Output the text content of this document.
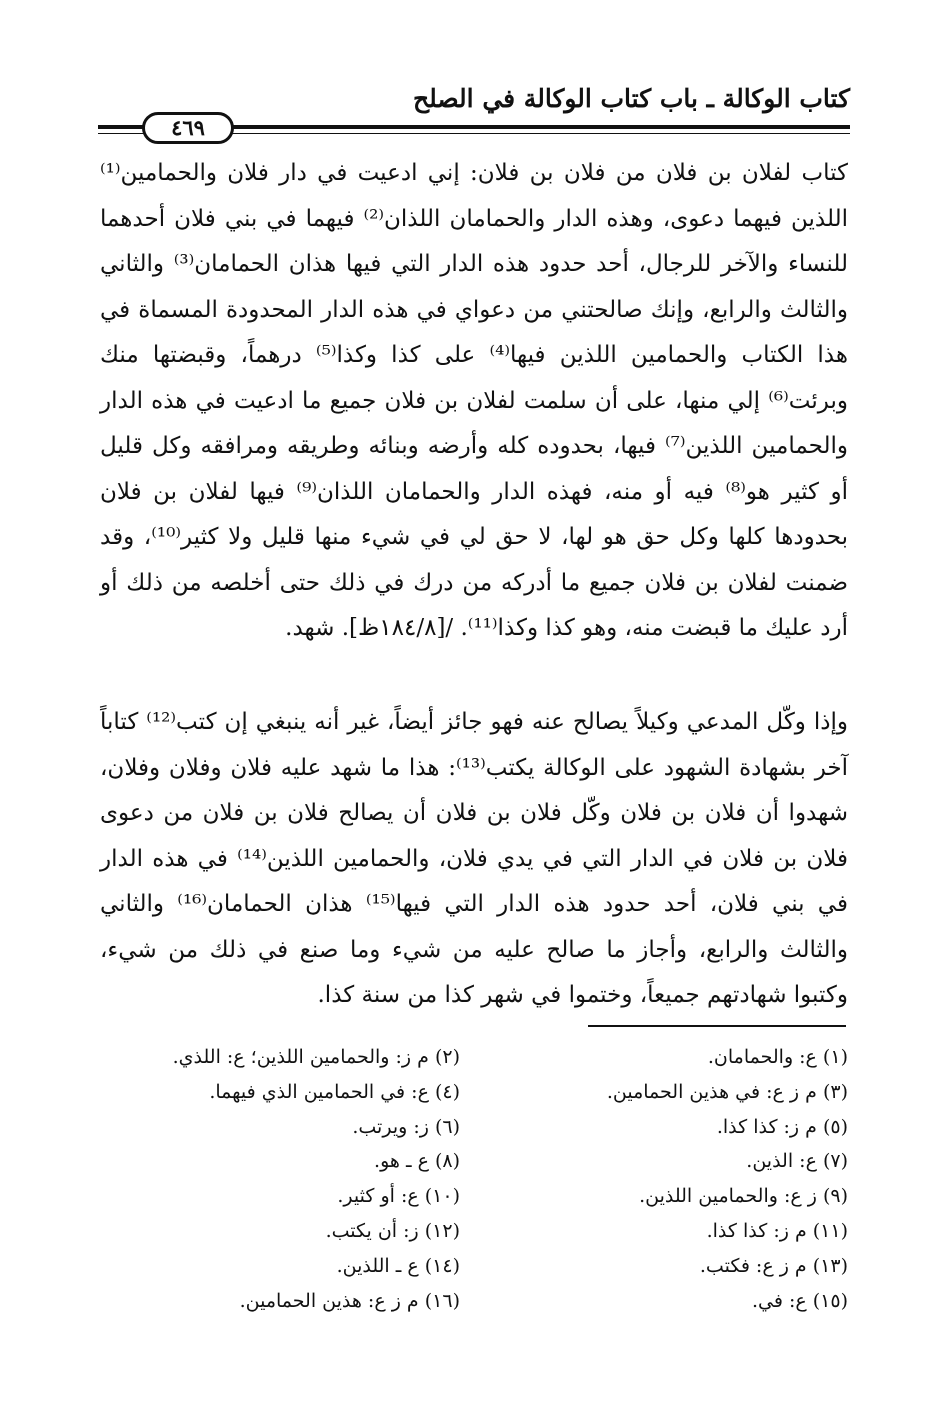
كتاب الوكالة ـ باب كتاب الوكالة في الصلح
٤٦٩

كتاب لفلان بن فلان من فلان بن فلان: إني ادعيت في دار فلان والحمامين⁽¹⁾ اللذين فيهما دعوى، وهذه الدار والحمامان اللذان⁽²⁾ فيهما في بني فلان أحدهما للنساء والآخر للرجال، أحد حدود هذه الدار التي فيها هذان الحمامان⁽³⁾ والثاني والثالث والرابع، وإنك صالحتني من دعواي في هذه الدار المحدودة المسماة في هذا الكتاب والحمامين اللذين فيها⁽⁴⁾ على كذا وكذا⁽⁵⁾ درهماً، وقبضتها منك وبرئت⁽⁶⁾ إلي منها، على أن سلمت لفلان بن فلان جميع ما ادعيت في هذه الدار والحمامين اللذين⁽⁷⁾ فيها، بحدوده كله وأرضه وبنائه وطريقه ومرافقه وكل قليل أو كثير هو⁽⁸⁾ فيه أو منه، فهذه الدار والحمامان اللذان⁽⁹⁾ فيها لفلان بن فلان بحدودها كلها وكل حق هو لها، لا حق لي في شيء منها قليل ولا كثير⁽¹⁰⁾، وقد ضمنت لفلان بن فلان جميع ما أدركه من درك في ذلك حتى أخلصه من ذلك أو أرد عليك ما قبضت منه، وهو كذا وكذا⁽¹¹⁾. /[١٨٤/٨ظ]. شهد.

وإذا وكّل المدعي وكيلاً يصالح عنه فهو جائز أيضاً، غير أنه ينبغي إن كتب⁽¹²⁾ كتاباً آخر بشهادة الشهود على الوكالة يكتب⁽¹³⁾: هذا ما شهد عليه فلان وفلان وفلان، شهدوا أن فلان بن فلان وكّل فلان بن فلان أن يصالح فلان بن فلان من دعوى فلان بن فلان في الدار التي في يدي فلان، والحمامين اللذين⁽¹⁴⁾ في هذه الدار في بني فلان، أحد حدود هذه الدار التي فيها⁽¹⁵⁾ هذان الحمامان⁽¹⁶⁾ والثاني والثالث والرابع، وأجاز ما صالح عليه من شيء وما صنع في ذلك من شيء، وكتبوا شهادتهم جميعاً، وختموا في شهر كذا من سنة كذا.

(١) ع: والحمامان.
(٣) م ز ع: في هذين الحمامين.
(٥) م ز: كذا كذا.
(٧) ع: الذين.
(٩) ز ع: والحمامين اللذين.
(١١) م ز: كذا كذا.
(١٣) م ز ع: فكتب.
(١٥) ع: في.
(٢) م ز: والحمامين اللذين؛ ع: اللذي.
(٤) ع: في الحمامين الذي فيهما.
(٦) ز: ويرتب.
(٨) ع ـ هو.
(١٠) ع: أو كثير.
(١٢) ز: أن يكتب.
(١٤) ع ـ اللذين.
(١٦) م ز ع: هذين الحمامين.
